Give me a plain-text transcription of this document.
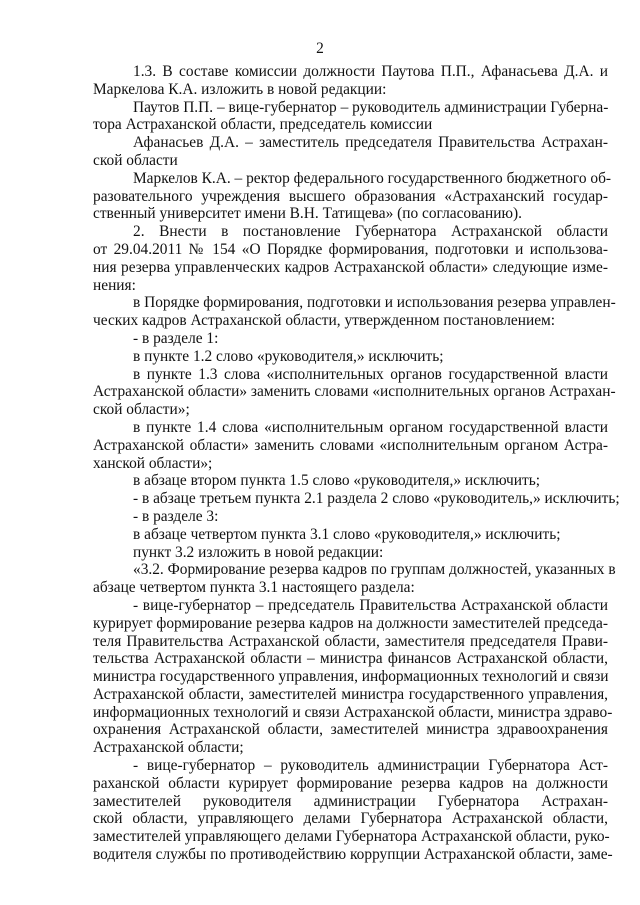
2
1.3. В составе комиссии должности Паутова П.П., Афанасьева Д.А. и
Маркелова К.А. изложить в новой редакции:
Паутов П.П. – вице-губернатор – руководитель администрации Губерна-
тора Астраханской области, председатель комиссии
Афанасьев Д.А. – заместитель председателя Правительства Астрахан-
ской области
Маркелов К.А. – ректор федерального государственного бюджетного об-
разовательного учреждения высшего образования «Астраханский государ-
ственный университет имени В.Н. Татищева» (по согласованию).
2. Внести в постановление Губернатора Астраханской области
от 29.04.2011 № 154 «О Порядке формирования, подготовки и использова-
ния резерва управленческих кадров Астраханской области» следующие изме-
нения:
в Порядке формирования, подготовки и использования резерва управлен-
ческих кадров Астраханской области, утвержденном постановлением:
- в разделе 1:
в пункте 1.2 слово «руководителя,» исключить;
в пункте 1.3 слова «исполнительных органов государственной власти
Астраханской области» заменить словами «исполнительных органов Астрахан-
ской области»;
в пункте 1.4 слова «исполнительным органом государственной власти
Астраханской области» заменить словами «исполнительным органом Астра-
ханской области»;
в абзаце втором пункта 1.5 слово «руководителя,» исключить;
- в абзаце третьем пункта 2.1 раздела 2 слово «руководитель,» исключить;
- в разделе 3:
в абзаце четвертом пункта 3.1 слово «руководителя,» исключить;
пункт 3.2 изложить в новой редакции:
«3.2. Формирование резерва кадров по группам должностей, указанных в
абзаце четвертом пункта 3.1 настоящего раздела:
- вице-губернатор – председатель Правительства Астраханской области
курирует формирование резерва кадров на должности заместителей председа-
теля Правительства Астраханской области, заместителя председателя Прави-
тельства Астраханской области – министра финансов Астраханской области,
министра государственного управления, информационных технологий и связи
Астраханской области, заместителей министра государственного управления,
информационных технологий и связи Астраханской области, министра здраво-
охранения Астраханской области, заместителей министра здравоохранения
Астраханской области;
- вице-губернатор – руководитель администрации Губернатора Аст-
раханской области курирует формирование резерва кадров на должности
заместителей руководителя администрации Губернатора Астрахан-
ской области, управляющего делами Губернатора Астраханской области,
заместителей управляющего делами Губернатора Астраханской области, руко-
водителя службы по противодействию коррупции Астраханской области, заме-
